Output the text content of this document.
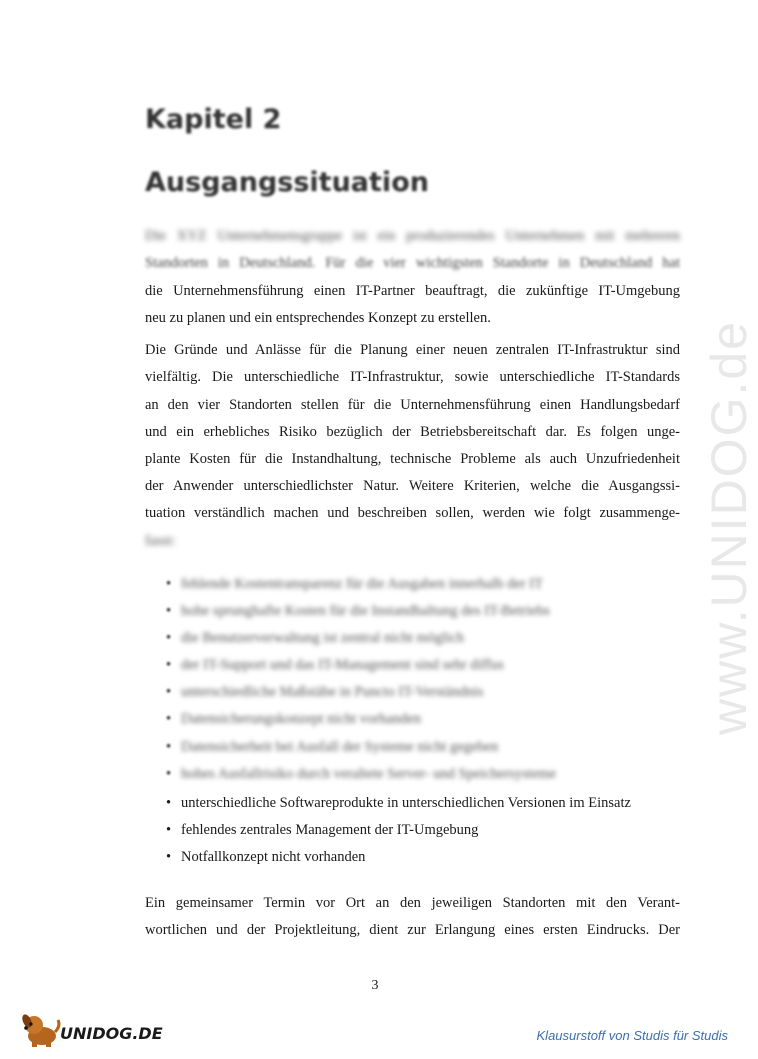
www.UNIDOG.de
Kapitel 2
Ausgangssituation
Die XYZ Unternehmensgruppe ist ein produzierendes Unternehmen mit mehreren
Standorten in Deutschland. Für die vier wichtigsten Standorte in Deutschland hat
die Unternehmensführung einen IT-Partner beauftragt, die zukünftige IT-Umgebung
neu zu planen und ein entsprechendes Konzept zu erstellen.
Die Gründe und Anlässe für die Planung einer neuen zentralen IT-Infrastruktur sind
vielfältig. Die unterschiedliche IT-Infrastruktur, sowie unterschiedliche IT-Standards
an den vier Standorten stellen für die Unternehmensführung einen Handlungsbedarf
und ein erhebliches Risiko bezüglich der Betriebsbereitschaft dar. Es folgen unge-
plante Kosten für die Instandhaltung, technische Probleme als auch Unzufriedenheit
der Anwender unterschiedlichster Natur. Weitere Kriterien, welche die Ausgangssi-
tuation verständlich machen und beschreiben sollen, werden wie folgt zusammenge-
fasst:
• fehlende Kostentransparenz für die Ausgaben innerhalb der IT
• hohe sprunghafte Kosten für die Instandhaltung des IT-Betriebs
• die Benutzerverwaltung ist zentral nicht möglich
• der IT-Support und das IT-Management sind sehr diffus
• unterschiedliche Maßstäbe in Puncto IT-Verständnis
• Datensicherungskonzept nicht vorhanden
• Datensicherheit bei Ausfall der Systeme nicht gegeben
• hohes Ausfallrisiko durch veraltete Server- und Speichersysteme
• unterschiedliche Softwareprodukte in unterschiedlichen Versionen im Einsatz
• fehlendes zentrales Management der IT-Umgebung
• Notfallkonzept nicht vorhanden
Ein gemeinsamer Termin vor Ort an den jeweiligen Standorten mit den Verant-
wortlichen und der Projektleitung, dient zur Erlangung eines ersten Eindrucks. Der
3
UNIDOG.DE	Klausurstoff von Studis für Studis
